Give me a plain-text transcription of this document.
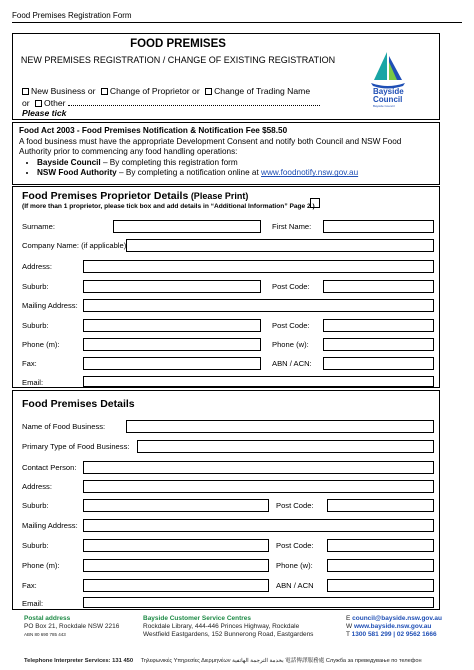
Food Premises Registration Form
FOOD PREMISES
NEW PREMISES REGISTRATION / CHANGE OF EXISTING REGISTRATION
New Business or Change of Proprietor or Change of Trading Name
or Other
Please tick
Bayside
Council
Bayside Council
Food Act 2003 - Food Premises Notification & Notification Fee $58.50
A food business must have the appropriate Development Consent and notify both Council and NSW Food Authority prior to commencing any food handling operations:
• Bayside Council – By completing this registration form
• NSW Food Authority – By completing a notification online at www.foodnotify.nsw.gov.au
Food Premises Proprietor Details (Please Print)
(If more than 1 proprietor, please tick box and add details in “Additional Information” Page 2.)
Surname:	First Name:
Company Name: (if applicable)
Address:
Suburb:	Post Code:
Mailing Address:
Suburb:	Post Code:
Phone (m):	Phone (w):
Fax:	ABN / ACN:
Email:
Food Premises Details
Name of Food Business:
Primary Type of Food Business:
Contact Person:
Address:
Suburb:	Post Code:
Mailing Address:
Suburb:	Post Code:
Phone (m):	Phone (w):
Fax:	ABN / ACN
Email:
Postal address
PO Box 21, Rockdale NSW 2216
ABN 80 690 785 443
Bayside Customer Service Centres
Rockdale Library, 444-446 Princes Highway, Rockdale
Westfield Eastgardens, 152 Bunnerong Road, Eastgardens
E council@bayside.nsw.gov.au
W www.bayside.nsw.gov.au
T 1300 581 299 | 02 9562 1666
Telephone Interpreter Services: 131 450 Τηλεφωνικές Υπηρεσίες Διερμηνέων بخدمة الترجمة الهاتفية 電話傳譯服務處 Служба за преведување по телефон
